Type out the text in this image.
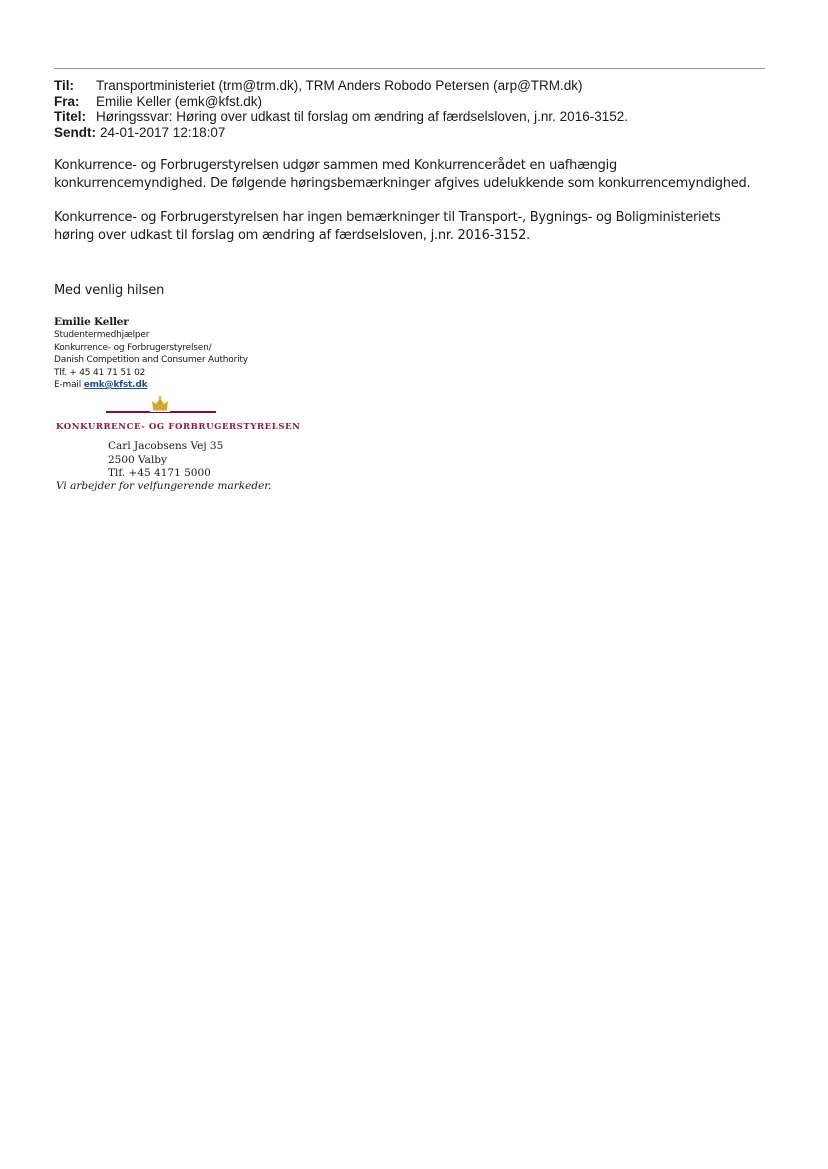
Til:	Transportministeriet (trm@trm.dk), TRM Anders Robodo Petersen (arp@TRM.dk)
Fra:	Emilie Keller (emk@kfst.dk)
Titel: Høringssvar: Høring over udkast til forslag om ændring af færdselsloven, j.nr. 2016-3152.
Sendt: 24-01-2017 12:18:07

Konkurrence- og Forbrugerstyrelsen udgør sammen med Konkurrencerådet en uafhængig konkurrencemyndighed. De følgende høringsbemærkninger afgives udelukkende som konkurrencemyndighed.

Konkurrence- og Forbrugerstyrelsen har ingen bemærkninger til Transport-, Bygnings- og Boligministeriets høring over udkast til forslag om ændring af færdselsloven, j.nr. 2016-3152.

Med venlig hilsen
Emilie Keller
Studentermedhjælper
Konkurrence- og Forbrugerstyrelsen/
Danish Competition and Consumer Authority
Tlf. + 45 41 71 51 02
E-mail emk@kfst.dk
KONKURRENCE- OG FORBRUGERSTYRELSEN
Carl Jacobsens Vej 35
2500 Valby
Tlf. +45 4171 5000
Vi arbejder for velfungerende markeder.
